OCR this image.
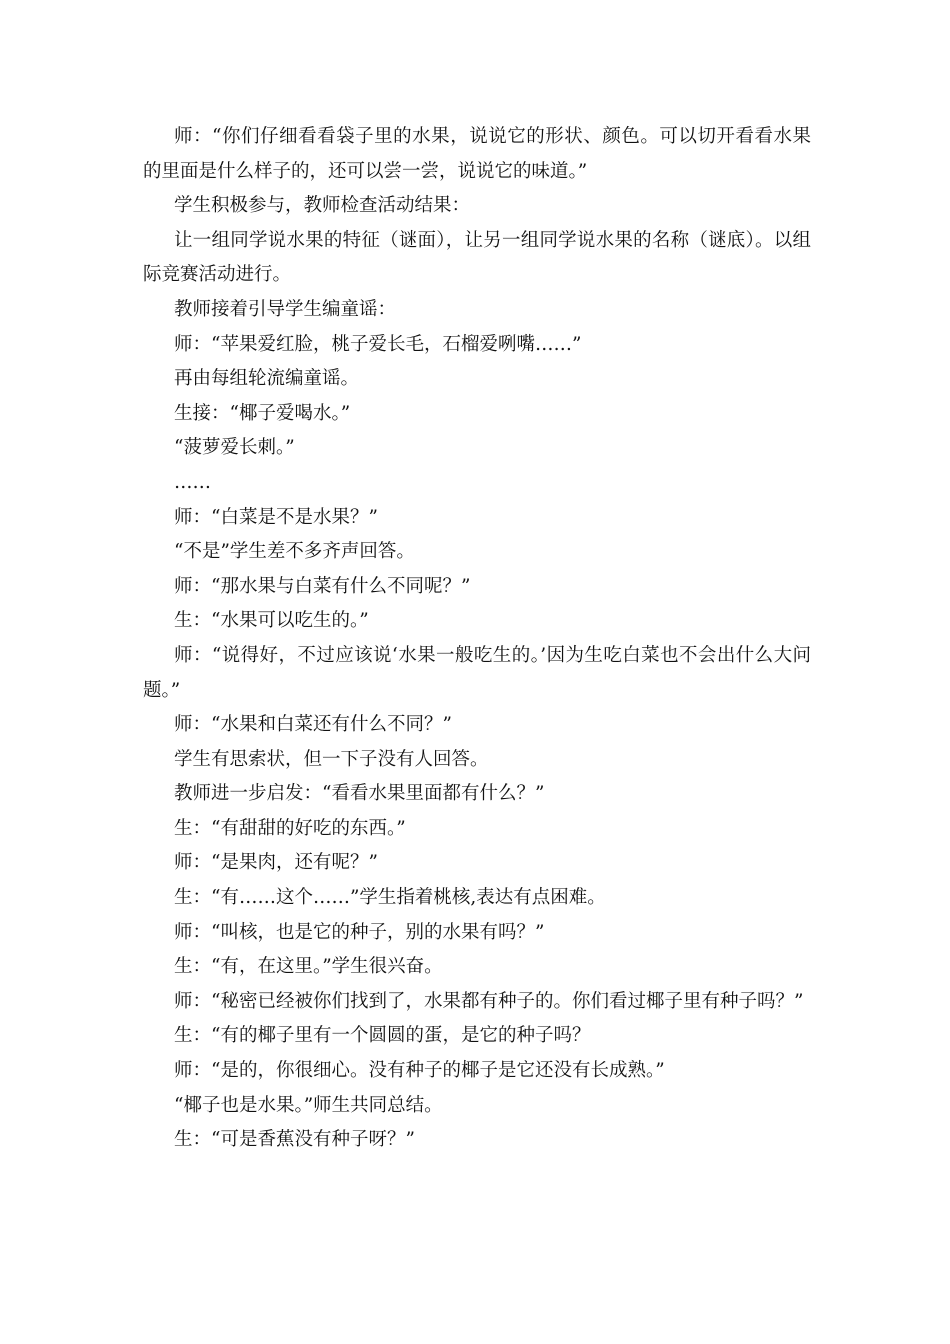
师：“你们仔细看看袋子里的水果，说说它的形状、颜色。可以切开看看水果的里面是什么样子的，还可以尝一尝，说说它的味道。”

学生积极参与，教师检查活动结果：

让一组同学说水果的特征（谜面），让另一组同学说水果的名称（谜底）。以组际竞赛活动进行。

教师接着引导学生编童谣：

师：“苹果爱红脸，桃子爱长毛，石榴爱咧嘴……”

再由每组轮流编童谣。

生接：“椰子爱喝水。”

“菠萝爱长刺。”

……

师：“白菜是不是水果？”

“不是”学生差不多齐声回答。

师：“那水果与白菜有什么不同呢？”

生：“水果可以吃生的。”

师：“说得好，不过应该说‘水果一般吃生的。’因为生吃白菜也不会出什么大问题。”

师：“水果和白菜还有什么不同？”

学生有思索状，但一下子没有人回答。

教师进一步启发：“看看水果里面都有什么？”

生：“有甜甜的好吃的东西。”

师：“是果肉，还有呢？”

生：“有……这个……”学生指着桃核,表达有点困难。

师：“叫核，也是它的种子，别的水果有吗？”

生：“有，在这里。”学生很兴奋。

师：“秘密已经被你们找到了，水果都有种子的。你们看过椰子里有种子吗？”

生：“有的椰子里有一个圆圆的蛋，是它的种子吗？

师：“是的，你很细心。没有种子的椰子是它还没有长成熟。”

“椰子也是水果。”师生共同总结。

生：“可是香蕉没有种子呀？”
